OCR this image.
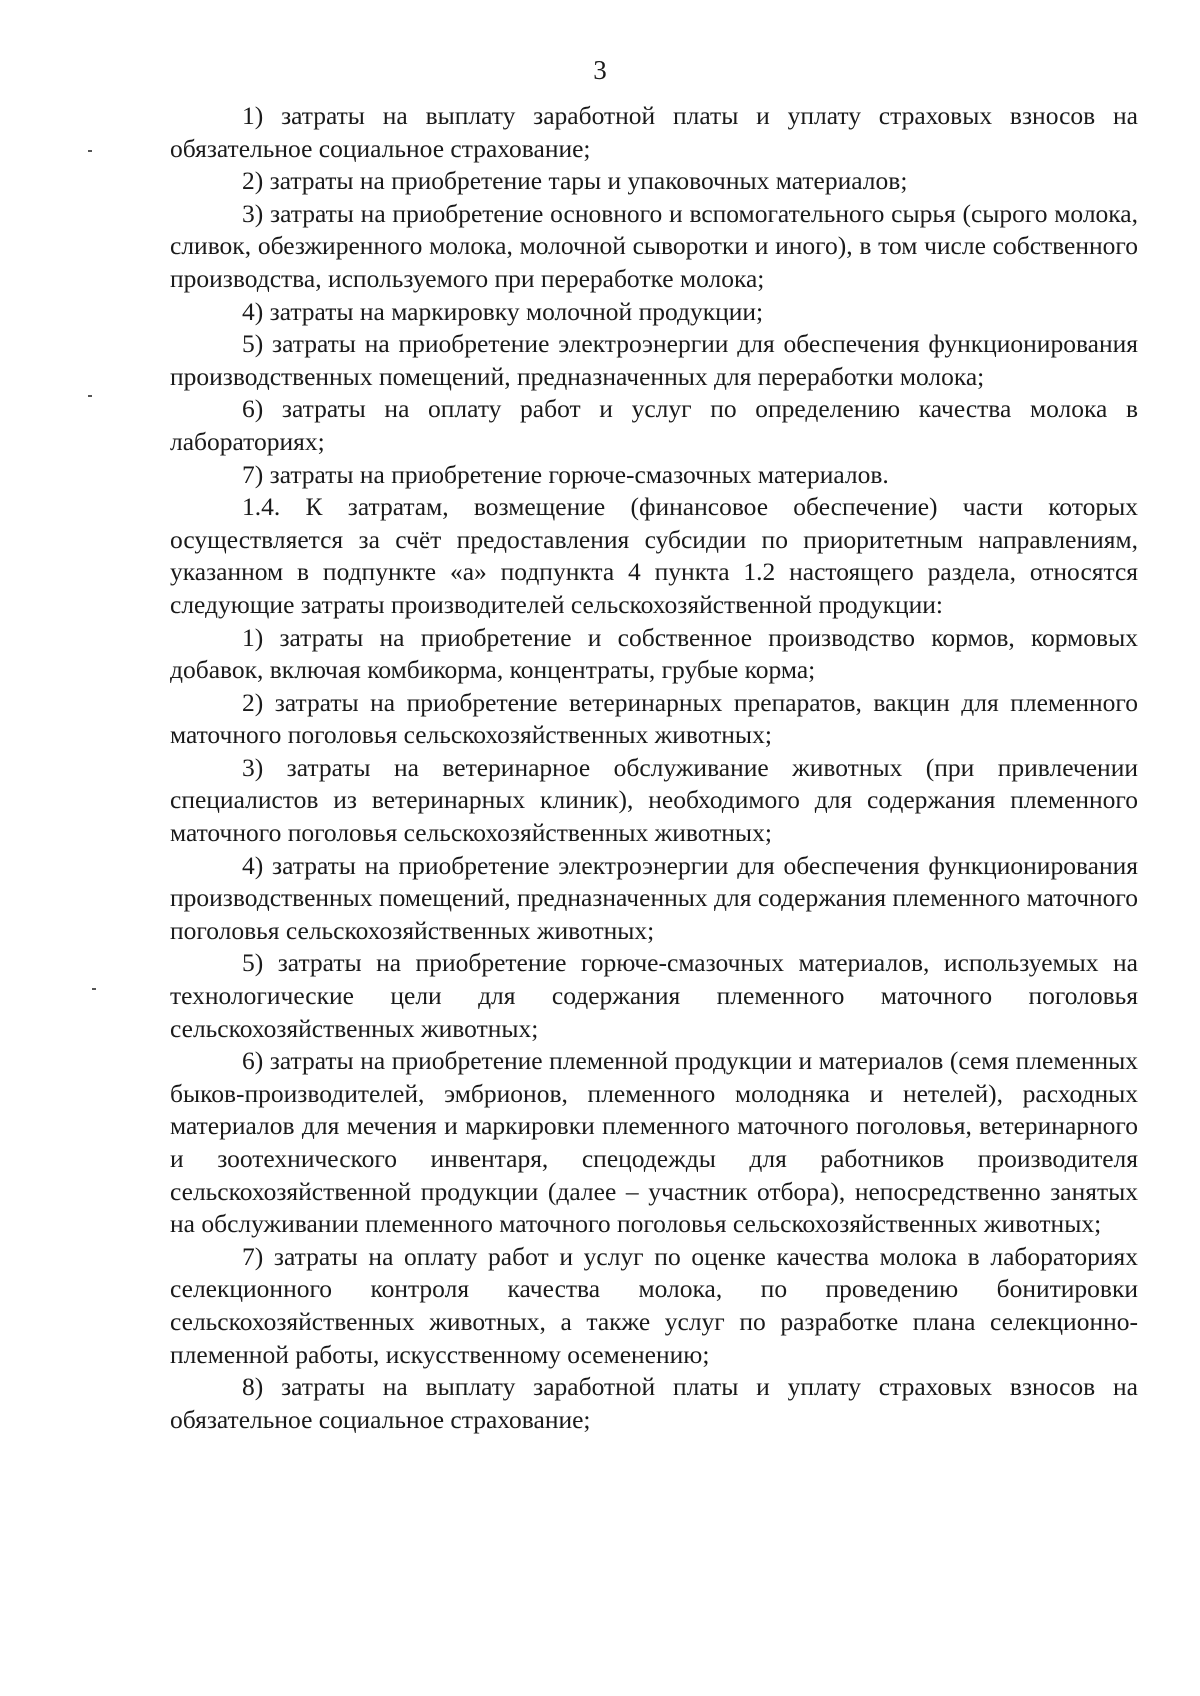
3

1) затраты на выплату заработной платы и уплату страховых взносов на обязательное социальное страхование;

2) затраты на приобретение тары и упаковочных материалов;

3) затраты на приобретение основного и вспомогательного сырья (сырого молока, сливок, обезжиренного молока, молочной сыворотки и иного), в том числе собственного производства, используемого при переработке молока;

4) затраты на маркировку молочной продукции;

5) затраты на приобретение электроэнергии для обеспечения функционирования производственных помещений, предназначенных для переработки молока;

6) затраты на оплату работ и услуг по определению качества молока в лабораториях;

7) затраты на приобретение горюче-смазочных материалов.

1.4. К затратам, возмещение (финансовое обеспечение) части которых осуществляется за счёт предоставления субсидии по приоритетным направлениям, указанном в подпункте «а» подпункта 4 пункта 1.2 настоящего раздела, относятся следующие затраты производителей сельскохозяйственной продукции:

1) затраты на приобретение и собственное производство кормов, кормовых добавок, включая комбикорма, концентраты, грубые корма;

2) затраты на приобретение ветеринарных препаратов, вакцин для племенного маточного поголовья сельскохозяйственных животных;

3) затраты на ветеринарное обслуживание животных (при привлечении специалистов из ветеринарных клиник), необходимого для содержания племенного маточного поголовья сельскохозяйственных животных;

4) затраты на приобретение электроэнергии для обеспечения функционирования производственных помещений, предназначенных для содержания племенного маточного поголовья сельскохозяйственных животных;

5) затраты на приобретение горюче-смазочных материалов, используемых на технологические цели для содержания племенного маточного поголовья сельскохозяйственных животных;

6) затраты на приобретение племенной продукции и материалов (семя племенных быков-производителей, эмбрионов, племенного молодняка и нетелей), расходных материалов для мечения и маркировки племенного маточного поголовья, ветеринарного и зоотехнического инвентаря, спецодежды для работников производителя сельскохозяйственной продукции (далее – участник отбора), непосредственно занятых на обслуживании племенного маточного поголовья сельскохозяйственных животных;

7) затраты на оплату работ и услуг по оценке качества молока в лабораториях селекционного контроля качества молока, по проведению бонитировки сельскохозяйственных животных, а также услуг по разработке плана селекционно-племенной работы, искусственному осеменению;

8) затраты на выплату заработной платы и уплату страховых взносов на обязательное социальное страхование;
